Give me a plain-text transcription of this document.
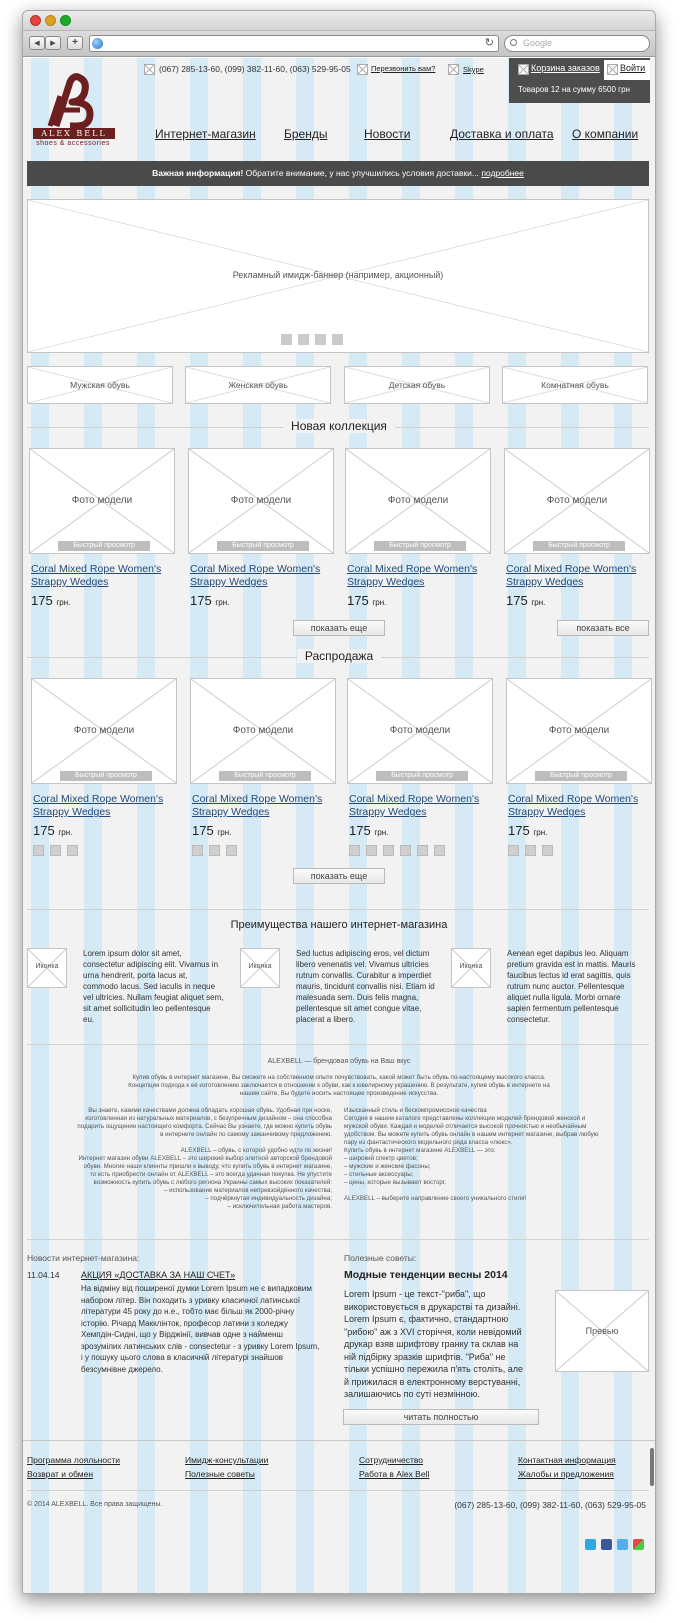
◀	▶	+	↻	Google
ALEX BELL
shoes & accessories
(067) 285-13-60, (099) 382-11-60, (063) 529-95-05	Перезвонить вам?	Skype	Корзина заказов Войти
Товаров 12 на сумму 6500 грн
Интернет-магазин Бренды	Новости	Доставка и оплата О компании
Важная информация! Обратите внимание, у нас улучшились условия доставки... подробнее
Рекламный имидж-баннер (например, акционный)
Мужская обувь	Женская обувь	Детская обувь	Комнатная обувь
Новая коллекция
показать еще	показать все
Распродажа
показать еще
Преимущества нашего интернет-магазина
ALEXBELL — брендовая обувь на Ваш вкус
Купив обувь в интернет магазине, Вы сможете на собственном опыте почувствовать, какой может быть обувь по-настоящему высокого класса.
Концепция подхода к её изготовлению заключается в отношении к обуви, как к ювелирному украшению. В результате, купив обувь в интернете на
нашем сайте, Вы будете носить настоящее произведение искусства.
Вы знаете, какими качествами должна обладать хорошая обувь. Удобная при носке,
изготовленная из натуральных материалов, с безупречным дизайном – она способна
подарить ощущение настоящего комфорта. Сейчас Вы узнаете, где можно купить обувь
в интернете онлайн по самому заманчивому предложению.
ALEXBELL – обувь, с которой удобно идти по жизни!
Интернет магазин обуви ALEXBELL – это широкий выбор элитной авторской брендовой
обуви. Многие наши клиенты пришли к выводу, что купить обувь в интернет магазине,
то есть приобрести онлайн от ALEXBELL – это всегда удачная покупка. Не упустите
возможность купить обувь с любого региона Украины самых высоких показателей:
– использование материалов непревзойдённого качества;
– подчёркнутая индивидуальность дизайна;
– исключительная работа мастеров.
Изысканный стиль и бескомпромиссное качества
Сегодня в нашем каталоге представлены коллекции моделей брендовой женской и
мужской обуви. Каждая и моделей отличается высокой прочностью и необычайным
удобством. Вы можете купить обувь онлайн в нашем интернет магазине, выбрав любую
пару из фантастического модельного ряда класса «люкс».
Купить обувь в интернет магазине ALEXBELL — это:
– широкий спектр цветов;
– мужские и женские фасоны;
– стильные аксессуары;
– цены, которые вызывают восторг.
ALEXBELL – выберите направление своего уникального стиля!
Новости интернет-магазина:
11.04.14 АКЦИЯ «ДОСТАВКА ЗА НАШ СЧЕТ»
На відміну від поширеної думки Lorem Ipsum не є випадковим
набором літер. Він походить з уривку класичної латинської
літератури 45 року до н.е., тобто має більш як 2000-річну
історію. Річард Макклінток, професор латини з коледжу
Хемпдін-Сидні, що у Вірджінії, вивчав одне з найменш
зрозумілих латинських слів - consectetur - з уривку Lorem Ipsum,
і у пошуку цього слова в класичній літературі знайшов
безсумнівне джерело.
Полезные советы:
Модные тенденции весны 2014
Lorem Ipsum - це текст-"риба", що
використовується в друкарстві та дизайні.
Lorem Ipsum є, фактично, стандартною
"рибою" аж з XVI сторіччя, коли невідомий
друкар взяв шрифтову гранку та склав на
ній підбірку зразків шрифтів. "Риба" не
тільки успішно пережила п'ять століть, але
й прижилася в електронному верстуванні,
залишаючись по суті незмінною.
Превью
читать полностью
Программа лояльности	Имидж-консультации	Сотрудничество	Контактная информация
Возврат и обмен	Полезные советы	Работа в Alex Bell	Жалобы и предложения
© 2014 ALEXBELL. Все права защищены.	(067) 285-13-60, (099) 382-11-60, (063) 529-95-05
Фото модели
Быстрый просмотр
Coral Mixed Rope Women's
Strappy Wedges
175 грн.
Фото модели
Быстрый просмотр
Coral Mixed Rope Women's
Strappy Wedges
175 грн.
Фото модели
Быстрый просмотр
Coral Mixed Rope Women's
Strappy Wedges
175 грн.
Фото модели
Быстрый просмотр
Coral Mixed Rope Women's
Strappy Wedges
175 грн.
Фото модели
Быстрый просмотр
Coral Mixed Rope Women's
Strappy Wedges
175 грн.
Фото модели
Быстрый просмотр
Coral Mixed Rope Women's
Strappy Wedges
175 грн.
Фото модели
Быстрый просмотр
Coral Mixed Rope Women's
Strappy Wedges
175 грн.
Фото модели
Быстрый просмотр
Coral Mixed Rope Women's
Strappy Wedges
175 грн.
Иконка
Lorem ipsum dolor sit amet,
consectetur adipiscing elit. Vivamus in
urna hendrerit, porta lacus at,
commodo lacus. Sed iaculis in neque
vel ultricies. Nullam feugiat aliquet sem,
sit amet sollicitudin leo pellentesque
eu.
Иконка
Sed luctus adipiscing eros, vel dictum
libero venenatis vel. Vivamus ultricies
rutrum convallis. Curabitur a imperdiet
mauris, tincidunt convallis nisi. Etiam id
malesuada sem. Duis felis magna,
pellentesque sit amet congue vitae,
placerat a libero.
Иконка
Aenean eget dapibus leo. Aliquam
pretium gravida est in mattis. Mauris
faucibus lectus id erat sagittis, quis
rutrum nunc auctor. Pellentesque
aliquet nulla ligula. Morbi ornare
sapien fermentum pellentesque
consectetur.
